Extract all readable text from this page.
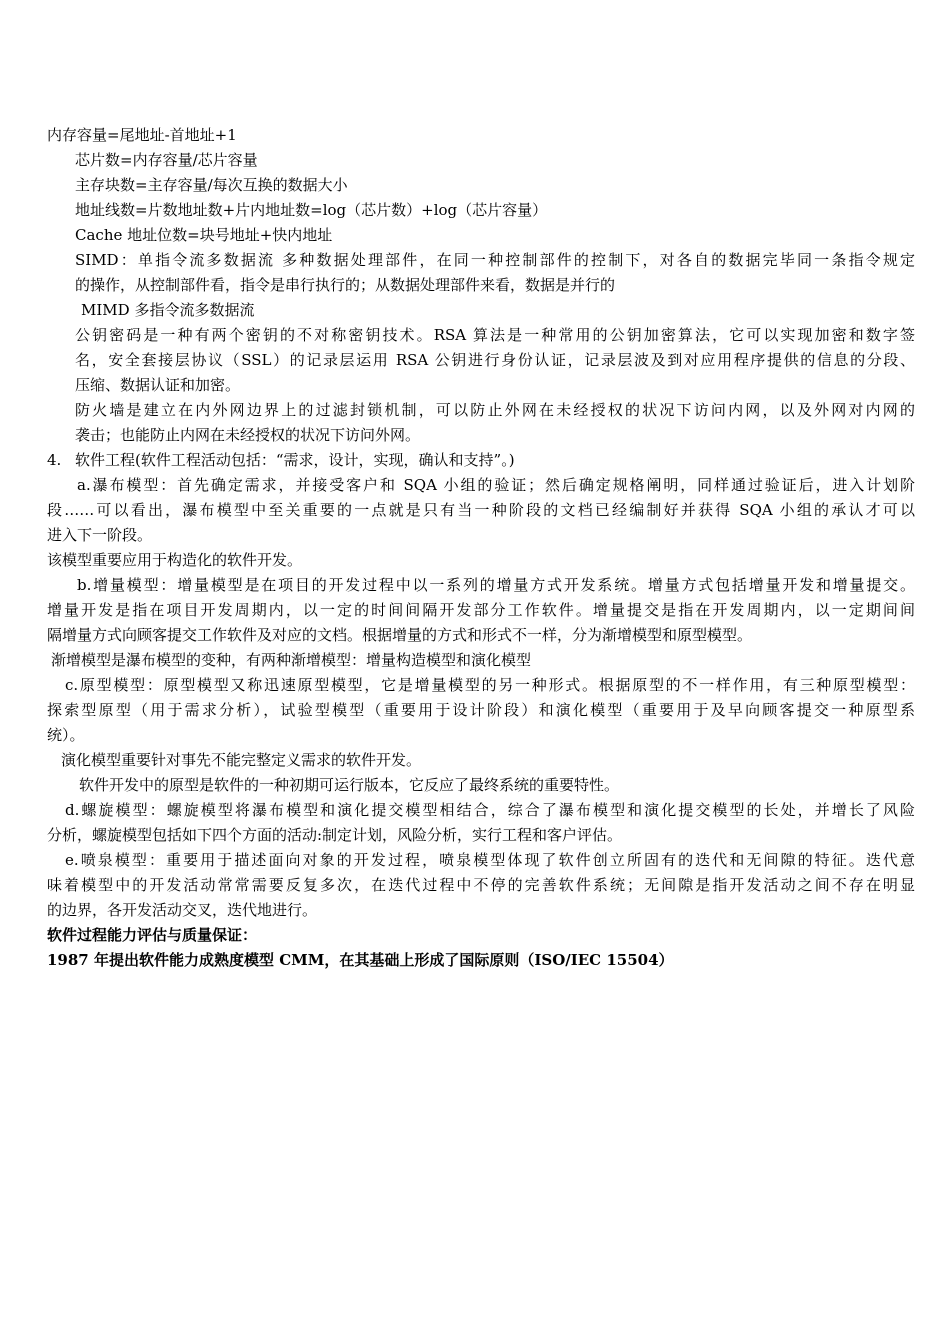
内存容量=尾地址-首地址+1
芯片数=内存容量/芯片容量
主存块数=主存容量/每次互换的数据大小
地址线数=片数地址数+片内地址数=log（芯片数）+log（芯片容量）
Cache 地址位数=块号地址+快内地址
SIMD：单指令流多数据流 多种数据处理部件，在同一种控制部件的控制下，对各自的数据完毕同一条指令规定
的操作，从控制部件看，指令是串行执行的；从数据处理部件来看，数据是并行的
MIMD 多指令流多数据流
公钥密码是一种有两个密钥的不对称密钥技术。RSA 算法是一种常用的公钥加密算法，它可以实现加密和数字签
名，安全套接层协议（SSL）的记录层运用 RSA 公钥进行身份认证，记录层波及到对应用程序提供的信息的分段、
压缩、数据认证和加密。
防火墙是建立在内外网边界上的过滤封锁机制，可以防止外网在未经授权的状况下访问内网，以及外网对内网的
袭击；也能防止内网在未经授权的状况下访问外网。
4. 软件工程(软件工程活动包括：“需求，设计，实现，确认和支持”。)
a.瀑布模型：首先确定需求，并接受客户和 SQA 小组的验证；然后确定规格阐明，同样通过验证后，进入计划阶
段……可以看出，瀑布模型中至关重要的一点就是只有当一种阶段的文档已经编制好并获得 SQA 小组的承认才可以
进入下一阶段。
该模型重要应用于构造化的软件开发。
b.增量模型：增量模型是在项目的开发过程中以一系列的增量方式开发系统。增量方式包括增量开发和增量提交。
增量开发是指在项目开发周期内，以一定的时间间隔开发部分工作软件。增量提交是指在开发周期内，以一定期间间
隔增量方式向顾客提交工作软件及对应的文档。根据增量的方式和形式不一样，分为渐增模型和原型模型。
渐增模型是瀑布模型的变种，有两种渐增模型：增量构造模型和演化模型
c.原型模型：原型模型又称迅速原型模型，它是增量模型的另一种形式。根据原型的不一样作用，有三种原型模型：
探索型原型（用于需求分析），试验型模型（重要用于设计阶段）和演化模型（重要用于及早向顾客提交一种原型系
统）。
演化模型重要针对事先不能完整定义需求的软件开发。
软件开发中的原型是软件的一种初期可运行版本，它反应了最终系统的重要特性。
d.螺旋模型：螺旋模型将瀑布模型和演化提交模型相结合，综合了瀑布模型和演化提交模型的长处，并增长了风险
分析，螺旋模型包括如下四个方面的活动:制定计划，风险分析，实行工程和客户评估。
e.喷泉模型：重要用于描述面向对象的开发过程，喷泉模型体现了软件创立所固有的迭代和无间隙的特征。迭代意
味着模型中的开发活动常常需要反复多次，在迭代过程中不停的完善软件系统；无间隙是指开发活动之间不存在明显
的边界，各开发活动交叉，迭代地进行。
软件过程能力评估与质量保证：
1987 年提出软件能力成熟度模型 CMM，在其基础上形成了国际原则（ISO/IEC 15504）
